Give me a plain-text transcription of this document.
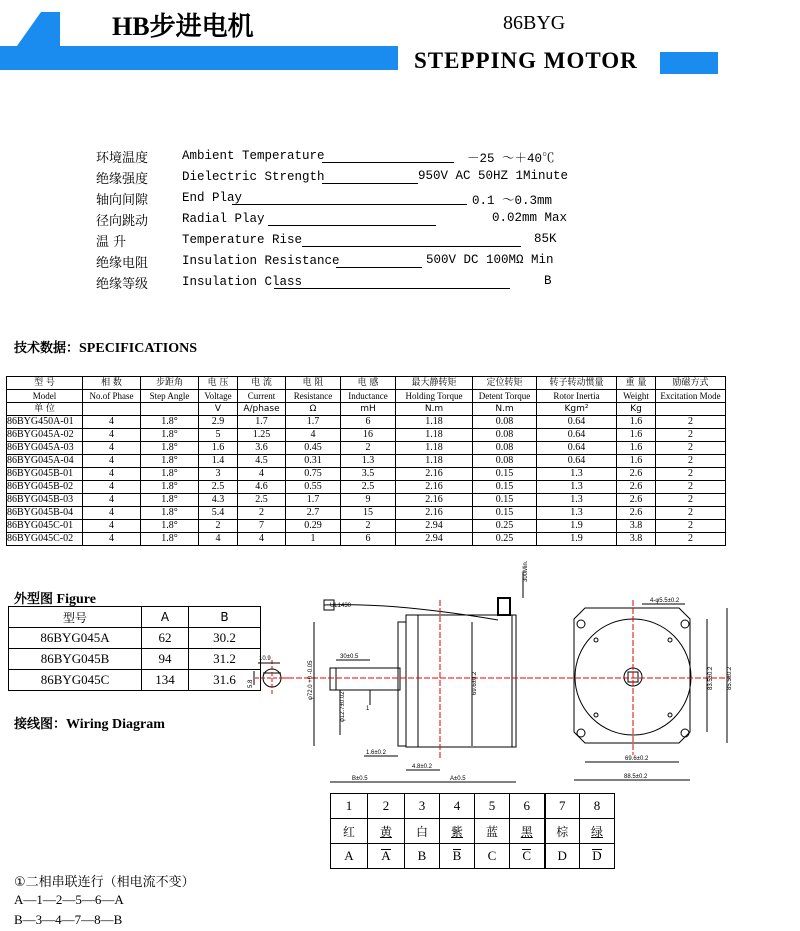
HB步进电机	86BYG
STEPPING MOTOR
环境温度	Ambient Temperature	－25 ～＋40℃
绝缘强度	Dielectric Strength	950V AC 50HZ 1Minute
轴向间隙	End Play	0.1 ～0.3mm
径向跳动	Radial Play	0.02mm Max
温 升	Temperature Rise	85K
绝缘电阻	Insulation Resistance	500V DC 100MΩ Min
绝缘等级	Insulation Class	B
技术数据：SPECIFICATIONS
型 号	相 数	步距角	电 压	电 流	电 阻	电 感	最大静转矩	定位转矩	转子转动惯量	重 量	励磁方式
Model	No.of Phase	Step Angle	Voltage	Current	Resistance	Inductance	Holding Torque	Detent Torque	Rotor Inertia	Weight	Excitation Mode
单 位			V	A/phase	Ω	mH	N.m	N.m	Kgm²	Kg	
86BYG450A-01	4	1.8°	2.9	1.7	1.7	6	1.18	0.08	0.64	1.6	2
86BYG045A-02	4	1.8°	5	1.25	4	16	1.18	0.08	0.64	1.6	2
86BYG045A-03	4	1.8°	1.6	3.6	0.45	2	1.18	0.08	0.64	1.6	2
86BYG045A-04	4	1.8°	1.4	4.5	0.31	1.3	1.18	0.08	0.64	1.6	2
86BYG045B-01	4	1.8°	3	4	0.75	3.5	2.16	0.15	1.3	2.6	2
86BYG045B-02	4	1.8°	2.5	4.6	0.55	2.5	2.16	0.15	1.3	2.6	2
86BYG045B-03	4	1.8°	4.3	2.5	1.7	9	2.16	0.15	1.3	2.6	2
86BYG045B-04	4	1.8°	5.4	2	2.7	15	2.16	0.15	1.3	2.6	2
86BYG045C-01	4	1.8°	2	7	0.29	2	2.94	0.25	1.9	3.8	2
86BYG045C-02	4	1.8°	4	4	1	6	2.94	0.25	1.9	3.8	2
外型图 Figure
型号	A	B
86BYG045A	62	30.2
86BYG045B	94	31.2
86BYG045C	134	31.6
接线图：Wiring Diagram
10.9
5.8
UL1430
300Min.
φ72.0 +0 -0.05
30±0.5
φ12.7±0.02	1
1.6±0.2
4.8±0.2
B±0.5	A±0.5
69.6±0.2
4-φ5.5±0.2
83.5±0.2 85.5±0.2
69.6±0.2
88.5±0.2
1	2	3	4	5	6	7	8
红	黄	白	紫	蓝	黑	棕	绿
A	A	B	B	C	C	D	D
①二相串联连行（相电流不变）
A—1—2—5—6—A
B—3—4—7—8—B
